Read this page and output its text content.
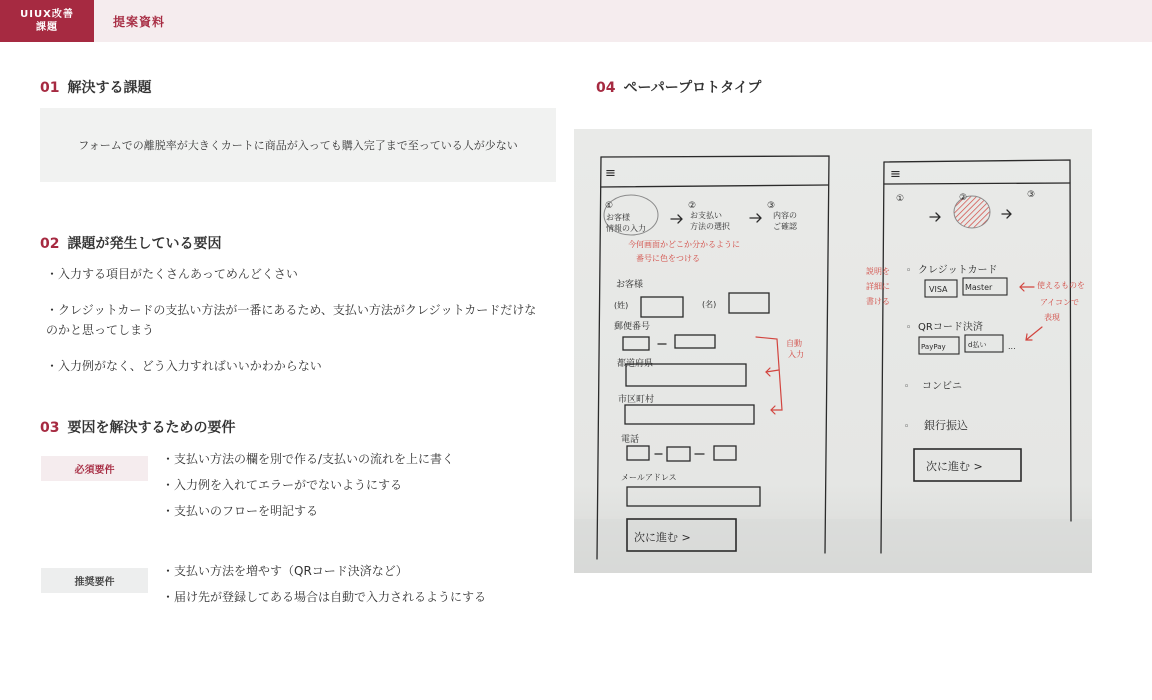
UIUX改善
課題	提案資料
01 解決する課題
フォームでの離脱率が大きくカートに商品が入っても購入完了まで至っている人が少ない
02 課題が発生している要因
・入力する項目がたくさんあってめんどくさい
・クレジットカードの支払い方法が一番にあるため、支払い方法がクレジットカードだけなのかと思ってしまう
・入力例がなく、どう入力すればいいかわからない
03 要因を解決するための要件
必須要件
・支払い方法の欄を別で作る/支払いの流れを上に書く
・入力例を入れてエラーがでないようにする
・支払いのフローを明記する
推奨要件
・支払い方法を増やす（QRコード決済など）
・届け先が登録してある場合は自動で入力されるようにする
04 ペーパープロトタイプ
≡
①	②	③
お客様
情報の入力
お支払い
方法の選択
内容の
ご確認
お客様
(姓)	(名)
郵便番号
都道府県
市区町村
電話
メールアドレス
次に進む >
今何画面かどこか分かるように
番号に色をつける
自動
入力
≡
①	②	③
◦ クレジットカード
VISA Master
◦ QRコード決済
PayPay	d払い	...
◦ コンビニ
◦ 銀行振込
次に進む >
説明を
詳細に
書ける
使えるものを
アイコンで
表現
